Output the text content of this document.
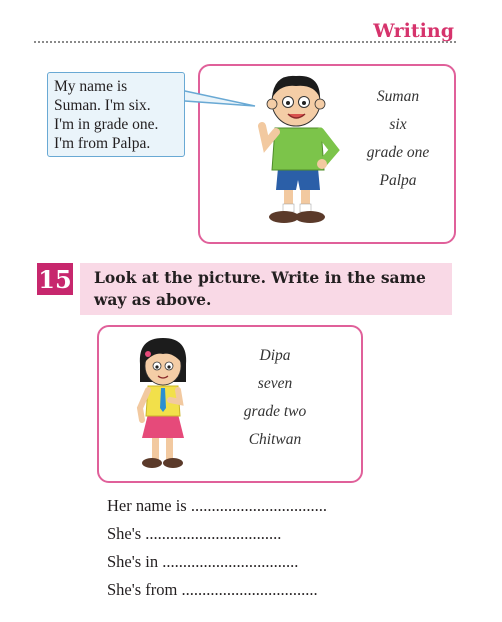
Writing
My name is
Suman. I'm six.
I'm in grade one.
I'm from Palpa.
Suman
six
grade one
Palpa
15 Look at the picture. Write in the same
way as above.
Dipa
seven
grade two
Chitwan
Her name is .................................
She's .................................
She's in .................................
She's from .................................
